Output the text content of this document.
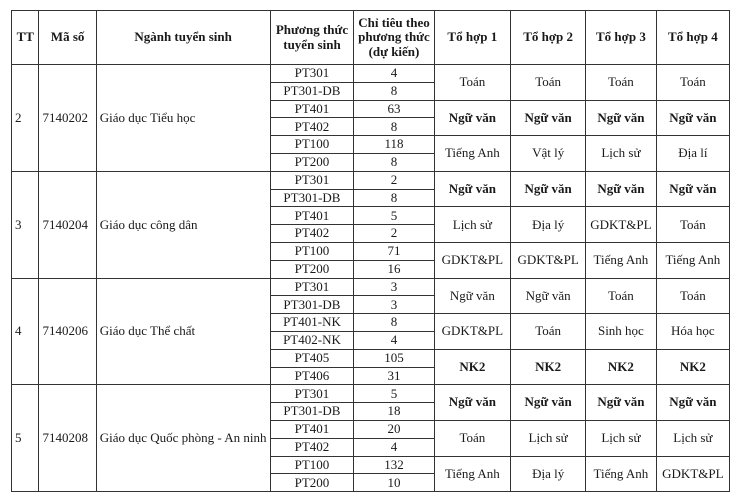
TT	Mã số	Ngành tuyển sinh	Phương thức tuyển sinh	Chỉ tiêu theo phương thức (dự kiến)	Tổ hợp 1	Tổ hợp 2	Tổ hợp 3	Tổ hợp 4
2	7140202	Giáo dục Tiểu học	PT301	4	Toán	Toán	Toán	Toán
			PT301-DB	8				
			PT401	63	Ngữ văn	Ngữ văn	Ngữ văn	Ngữ văn
			PT402	8				
			PT100	118	Tiếng Anh	Vật lý	Lịch sử	Địa lí
			PT200	8				
3	7140204	Giáo dục công dân	PT301	2	Ngữ văn	Ngữ văn	Ngữ văn	Ngữ văn
			PT301-DB	8				
			PT401	5	Lịch sử	Địa lý	GDKT&PL	Toán
			PT402	2				
			PT100	71	GDKT&PL	GDKT&PL	Tiếng Anh	Tiếng Anh
			PT200	16				
4	7140206	Giáo dục Thể chất	PT301	3	Ngữ văn	Ngữ văn	Toán	Toán
			PT301-DB	3				
			PT401-NK	8	GDKT&PL	Toán	Sinh học	Hóa học
			PT402-NK	4				
			PT405	105	NK2	NK2	NK2	NK2
			PT406	31				
5	7140208	Giáo dục Quốc phòng - An ninh	PT301	5	Ngữ văn	Ngữ văn	Ngữ văn	Ngữ văn
			PT301-DB	18				
			PT401	20	Toán	Lịch sử	Lịch sử	Lịch sử
			PT402	4				
			PT100	132	Tiếng Anh	Địa lý	Tiếng Anh	GDKT&PL
			PT200	10				
